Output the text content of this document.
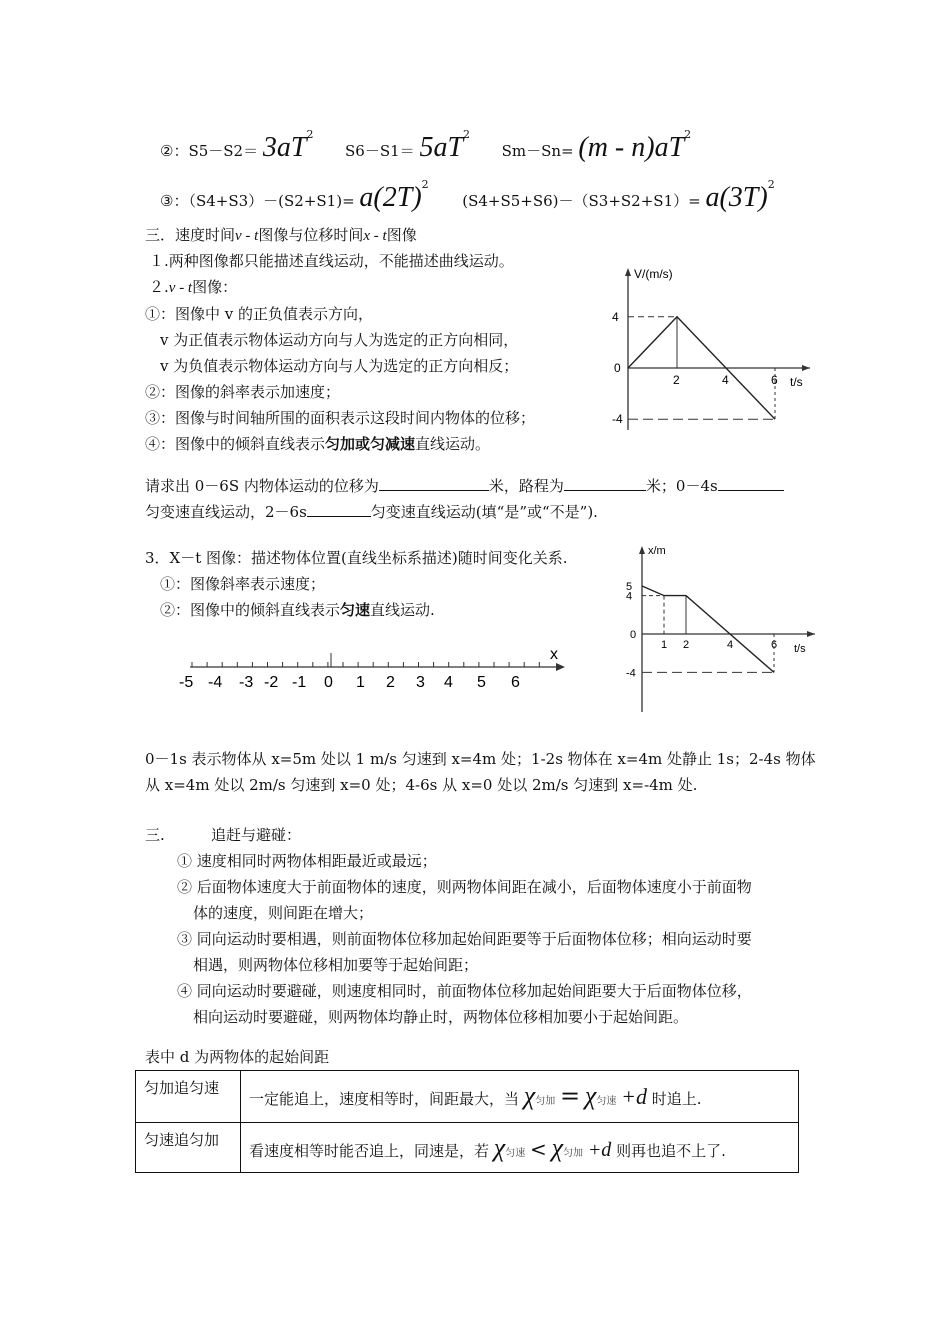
②：$S5-S2= 3aT^2$  $S6-S1= 5aT^2$  $Sm-Sn= (m - n)aT^2$
③：$(S4+S3)-(S2+S1)= a(2T)^2$  $(S4+S5+S6)-(S3+S2+S1)= a(3T)^2$
三．速度时间v - t图像与位移时间x - t图像
１.两种图像都只能描述直线运动，不能描述曲线运动。
２.v - t图像：
①：图像中 v 的正负值表示方向，
v 为正值表示物体运动方向与人为选定的正方向相同，
v 为负值表示物体运动方向与人为选定的正方向相反；
②：图像的斜率表示加速度；
③：图像与时间轴所围的面积表示这段时间内物体的位移；
④：图像中的倾斜直线表示匀加或匀减速直线运动。
V/(m/s)
t/s
0
4
-4
2	4	6
请求出 0－6S 内物体运动的位移为	米，路程为	米；0－4s
匀变速直线运动，2－6s	匀变速直线运动(填“是”或“不是”).
3．X－t 图像：描述物体位置(直线坐标系描述)随时间变化关系.
①：图像斜率表示速度；
②：图像中的倾斜直线表示匀速直线运动.
x
-5 -4 -3 -2 -1 0 1 2 3 4 5 6
x/m
t/s
0
5
4
-4
1 2	4	6
0－1s 表示物体从 x=5m 处以 1 m/s 匀速到 x=4m 处；1-2s 物体在 x=4m 处静止 1s；2-4s 物体
从 x=4m 处以 2m/s 匀速到 x=0 处；4-6s 从 x=0 处以 2m/s 匀速到 x=-4m 处.
三.	追赶与避碰：
① 速度相同时两物体相距最近或最远；
② 后面物体速度大于前面物体的速度，则两物体间距在减小，后面物体速度小于前面物
体的速度，则间距在增大；
③ 同向运动时要相遇，则前面物体位移加起始间距要等于后面物体位移；相向运动时要
相遇，则两物体位移相加要等于起始间距；
④ 同向运动时要避碰，则速度相同时，前面物体位移加起始间距要大于后面物体位移，
相向运动时要避碰，则两物体均静止时，两物体位移相加要小于起始间距。
表中 d 为两物体的起始间距
匀加追匀速	一定能追上，速度相等时，间距最大，当 χ匀加 = χ匀速 +d 时追上.
匀速追匀加	看速度相等时能否追上，同速是，若 χ匀速 < χ匀加 +d 则再也追不上了.
